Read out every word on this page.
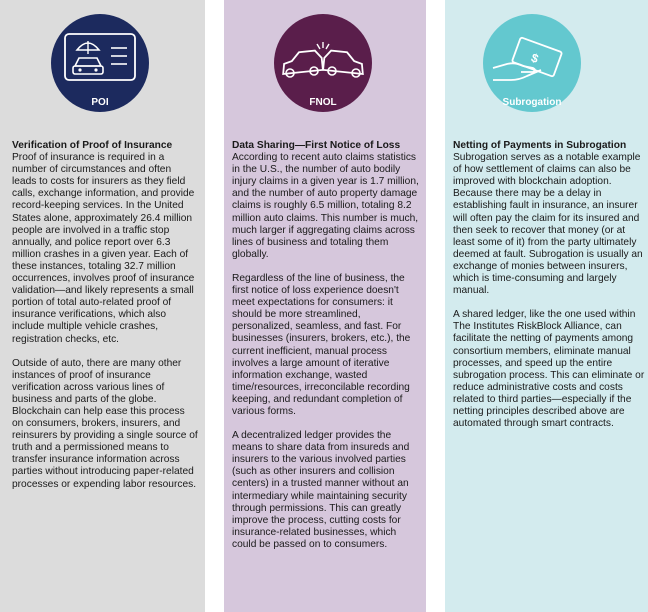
POI
Verification of Proof of Insurance

Proof of insurance is required in a number of circumstances and often leads to costs for insurers as they field calls, exchange information, and provide record-keeping services. In the United States alone, approximately 26.4 million people are involved in a traffic stop annually, and police report over 6.3 million crashes in a given year. Each of these instances, totaling 32.7 million occurrences, involves proof of insurance validation—and likely represents a small portion of total auto-related proof of insurance verifications, which also include multiple vehicle crashes, registration checks, etc.

Outside of auto, there are many other instances of proof of insurance verification across various lines of business and parts of the globe. Blockchain can help ease this process on consumers, brokers, insurers, and reinsurers by providing a single source of truth and a permissioned means to transfer insurance information across parties without introducing paper-related processes or expending labor resources.

FNOL
Data Sharing—First Notice of Loss

According to recent auto claims statistics in the U.S., the number of auto bodily injury claims in a given year is 1.7 million, and the number of auto property damage claims is roughly 6.5 million, totaling 8.2 million auto claims. This number is much, much larger if aggregating claims across lines of business and totaling them globally.

Regardless of the line of business, the first notice of loss experience doesn't meet expectations for consumers: it should be more streamlined, personalized, seamless, and fast. For businesses (insurers, brokers, etc.), the current inefficient, manual process involves a large amount of iterative information exchange, wasted time/resources, irreconcilable recording keeping, and redundant completion of various forms.

A decentralized ledger provides the means to share data from insureds and insurers to the various involved parties (such as other insurers and collision centers) in a trusted manner without an intermediary while maintaining security through permissions. This can greatly improve the process, cutting costs for insurance-related businesses, which could be passed on to consumers.

$
Subrogation
Netting of Payments in Subrogation

Subrogation serves as a notable example of how settlement of claims can also be improved with blockchain adoption. Because there may be a delay in establishing fault in insurance, an insurer will often pay the claim for its insured and then seek to recover that money (or at least some of it) from the party ultimately deemed at fault. Subrogation is usually an exchange of monies between insurers, which is time-consuming and largely manual.

A shared ledger, like the one used within The Institutes RiskBlock Alliance, can facilitate the netting of payments among consortium members, eliminate manual processes, and speed up the entire subrogation process. This can eliminate or reduce administrative costs and costs related to third parties—especially if the netting principles described above are automated through smart contracts.
